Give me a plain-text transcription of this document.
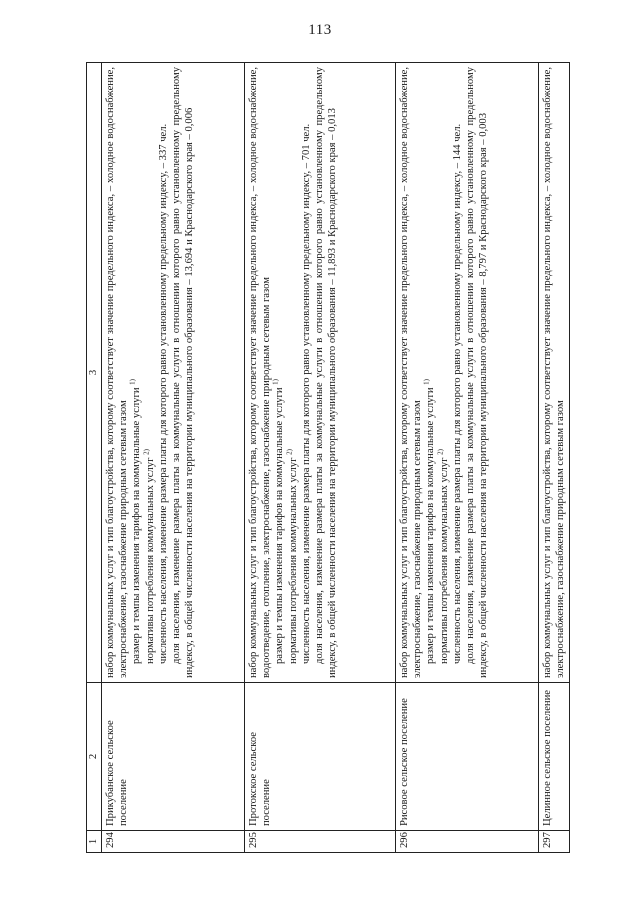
113
1	2	3
294	Прикубанское сельское поселение	набор коммунальных услуг и тип благоустройства, которому соответствует значение предельного индекса, – холодное водоснабжение, электроснабжение, газоснабжение природным сетевым газом размер и темпы изменения тарифов на коммунальные услуги $^{1)}$
нормативы потребления коммунальных услуг $^{2)}$ численность населения, изменение размера платы для которого равно установленному предельному индексу, – 337 чел. доля населения, изменение размера платы за коммунальные услуги в отношении которого равно установленному предельному индексу, в общей численности населения на территории муниципального образования – 13,694 и Краснодарского края – 0,006

295	Протокское сельское поселение	набор коммунальных услуг и тип благоустройства, которому соответствует значение предельного индекса, – холодное водоснабжение, водоотведение, отопление, электроснабжение, газоснабжение природным сетевым газом размер и темпы изменения тарифов на коммунальные услуги $^{1)}$
нормативы потребления коммунальных услуг $^{2)}$ численность населения, изменение размера платы для которого равно установленному предельному индексу, – 701 чел. доля населения, изменение размера платы за коммунальные услуги в отношении которого равно установленному предельному индексу, в общей численности населения на территории муниципального образования – 11,893 и Краснодарского края – 0,013

296	Рисовое сельское поселение	набор коммунальных услуг и тип благоустройства, которому соответствует значение предельного индекса, – холодное водоснабжение, электроснабжение, газоснабжение природным сетевым газом размер и темпы изменения тарифов на коммунальные услуги $^{1)}$
нормативы потребления коммунальных услуг $^{2)}$ численность населения, изменение размера платы для которого равно установленному предельному индексу, – 144 чел. доля населения, изменение размера платы за коммунальные услуги в отношении которого равно установленному предельному индексу, в общей численности населения на территории муниципального образования – 8,797 и Краснодарского края – 0,003

297	Целинное сельское поселение	набор коммунальных услуг и тип благоустройства, которому соответствует значение предельного индекса, – холодное водоснабжение, электроснабжение, газоснабжение природным сетевым газом
